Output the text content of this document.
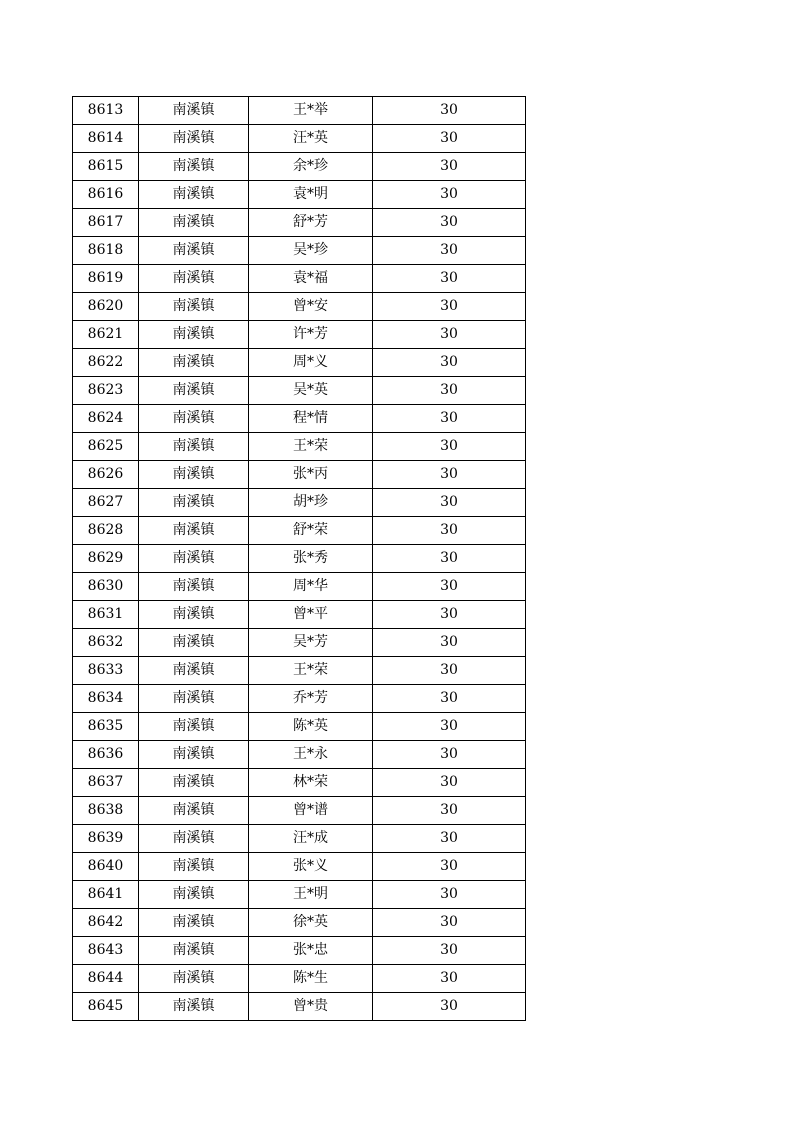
8613	南溪镇	王*举	30
8614	南溪镇	汪*英	30
8615	南溪镇	余*珍	30
8616	南溪镇	袁*明	30
8617	南溪镇	舒*芳	30
8618	南溪镇	吴*珍	30
8619	南溪镇	袁*福	30
8620	南溪镇	曾*安	30
8621	南溪镇	许*芳	30
8622	南溪镇	周*义	30
8623	南溪镇	吴*英	30
8624	南溪镇	程*情	30
8625	南溪镇	王*荣	30
8626	南溪镇	张*丙	30
8627	南溪镇	胡*珍	30
8628	南溪镇	舒*荣	30
8629	南溪镇	张*秀	30
8630	南溪镇	周*华	30
8631	南溪镇	曾*平	30
8632	南溪镇	吴*芳	30
8633	南溪镇	王*荣	30
8634	南溪镇	乔*芳	30
8635	南溪镇	陈*英	30
8636	南溪镇	王*永	30
8637	南溪镇	林*荣	30
8638	南溪镇	曾*谱	30
8639	南溪镇	汪*成	30
8640	南溪镇	张*义	30
8641	南溪镇	王*明	30
8642	南溪镇	徐*英	30
8643	南溪镇	张*忠	30
8644	南溪镇	陈*生	30
8645	南溪镇	曾*贵	30
